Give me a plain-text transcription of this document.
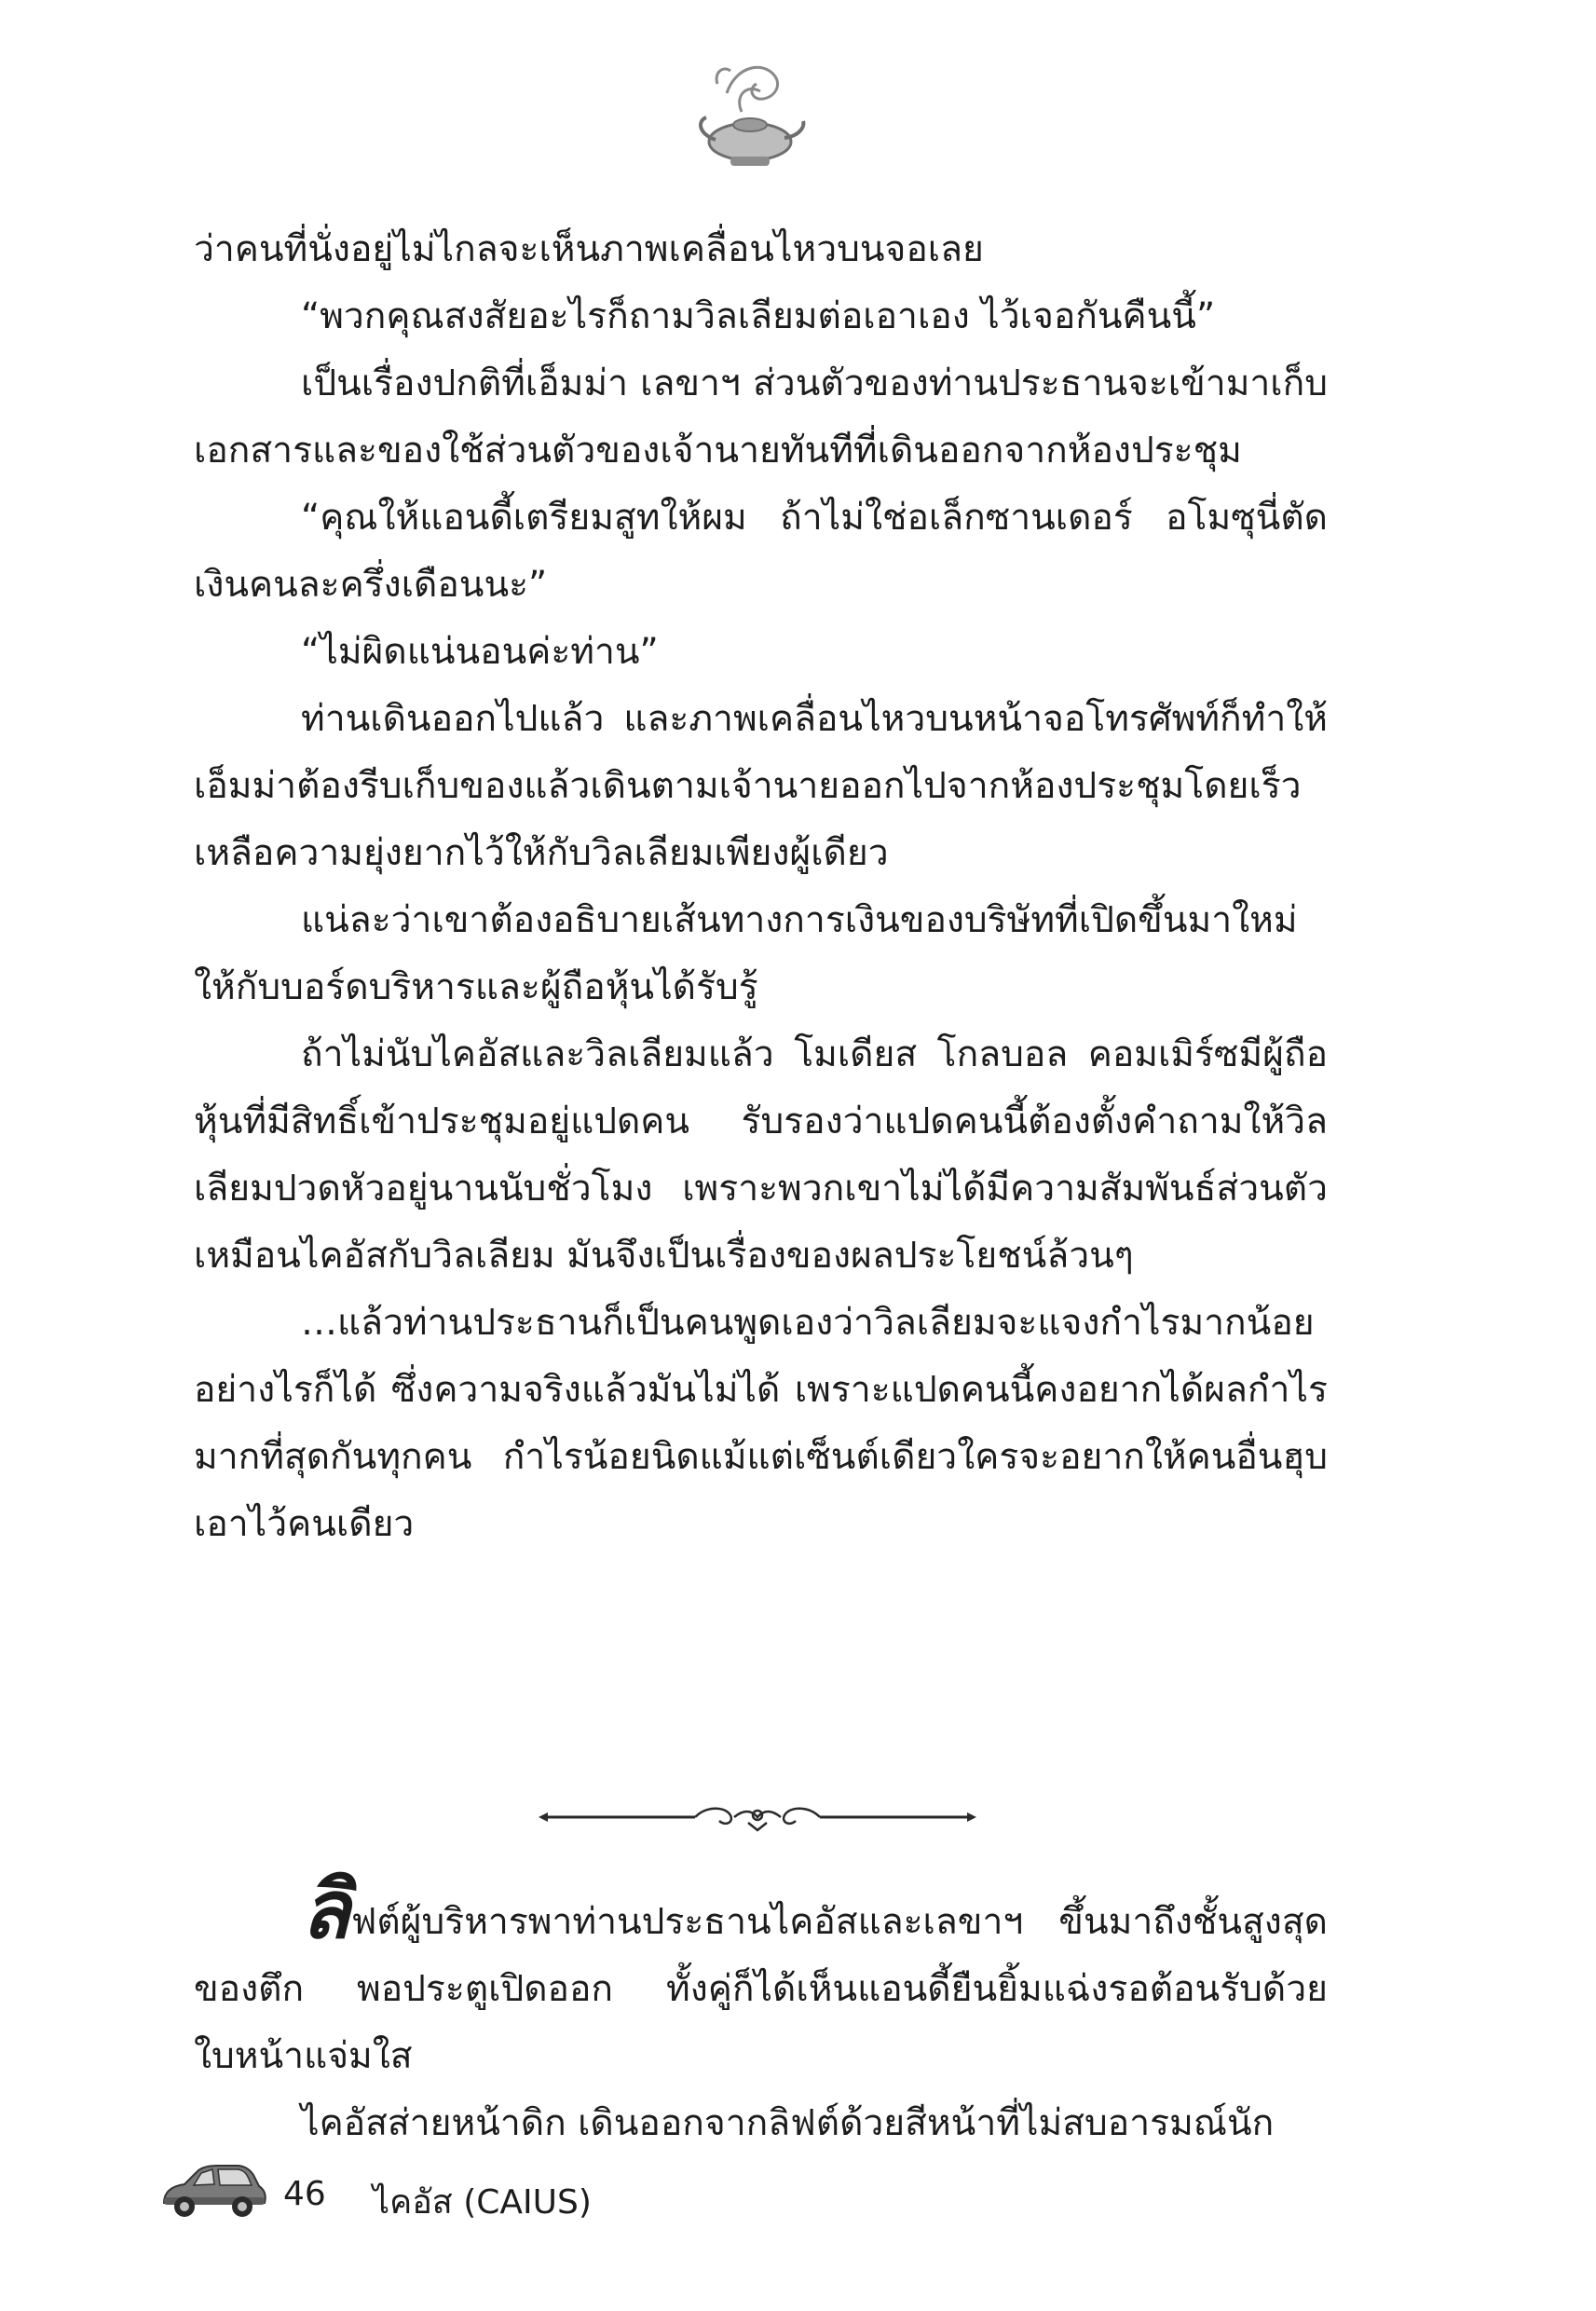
ว่าคนที่นั่งอยู่ไม่ไกลจะเห็นภาพเคลื่อนไหวบนจอเลย

“พวกคุณสงสัยอะไรก็ถามวิลเลียมต่อเอาเอง ไว้เจอกันคืนนี้”

เป็นเรื่องปกติที่เอ็มม่า เลขาฯ ส่วนตัวของท่านประธานจะเข้ามาเก็บเอกสารและของใช้ส่วนตัวของเจ้านายทันทีที่เดินออกจากห้องประชุม

“คุณให้แอนดี้เตรียมสูทให้ผม ถ้าไม่ใช่อเล็กซานเดอร์ อโมซุนี่ตัดเงินคนละครึ่งเดือนนะ”

“ไม่ผิดแน่นอนค่ะท่าน”

ท่านเดินออกไปแล้ว และภาพเคลื่อนไหวบนหน้าจอโทรศัพท์ก็ทำให้เอ็มม่าต้องรีบเก็บของแล้วเดินตามเจ้านายออกไปจากห้องประชุมโดยเร็ว เหลือความยุ่งยากไว้ให้กับวิลเลียมเพียงผู้เดียว

แน่ละว่าเขาต้องอธิบายเส้นทางการเงินของบริษัทที่เปิดขึ้นมาใหม่ให้กับบอร์ดบริหารและผู้ถือหุ้นได้รับรู้

ถ้าไม่นับไคอัสและวิลเลียมแล้ว โมเดียส โกลบอล คอมเมิร์ซมีผู้ถือหุ้นที่มีสิทธิ์เข้าประชุมอยู่แปดคน รับรองว่าแปดคนนี้ต้องตั้งคำถามให้วิลเลียมปวดหัวอยู่นานนับชั่วโมง เพราะพวกเขาไม่ได้มีความสัมพันธ์ส่วนตัวเหมือนไคอัสกับวิลเลียม มันจึงเป็นเรื่องของผลประโยชน์ล้วนๆ

…แล้วท่านประธานก็เป็นคนพูดเองว่าวิลเลียมจะแจงกำไรมากน้อยอย่างไรก็ได้ ซึ่งความจริงแล้วมันไม่ได้ เพราะแปดคนนี้คงอยากได้ผลกำไรมากที่สุดกันทุกคน กำไรน้อยนิดแม้แต่เซ็นต์เดียวใครจะอยากให้คนอื่นฮุบเอาไว้คนเดียว

ลิฟต์ผู้บริหารพาท่านประธานไคอัสและเลขาฯ ขึ้นมาถึงชั้นสูงสุดของตึก พอประตูเปิดออก ทั้งคู่ก็ได้เห็นแอนดี้ยืนยิ้มแฉ่งรอต้อนรับด้วยใบหน้าแจ่มใส

ไคอัสส่ายหน้าดิก เดินออกจากลิฟต์ด้วยสีหน้าที่ไม่สบอารมณ์นัก

46 ไคอัส (CAIUS)
